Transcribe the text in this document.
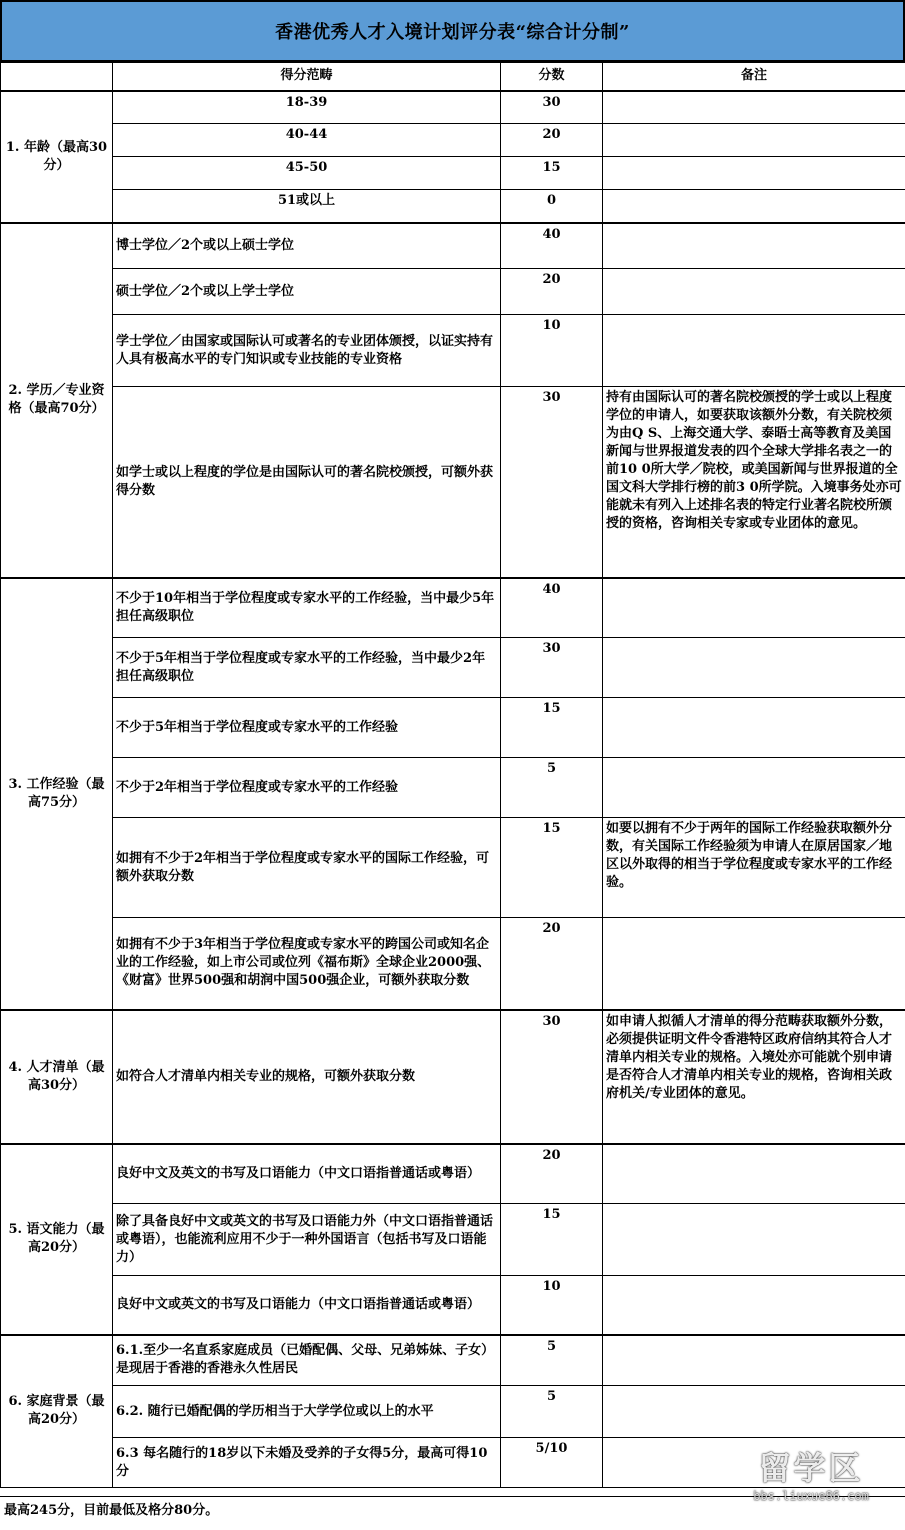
香港优秀人才入境计划评分表“综合计分制”
	得分范畴	分数	备注
1. 年龄（最高30分）	18-39	30	
	40-44	20	
	45-50	15	
	51或以上	0	
2. 学历／专业资格（最高70分）	博士学位／2个或以上硕士学位	40	
	硕士学位／2个或以上学士学位	20	
	学士学位／由国家或国际认可或著名的专业团体颁授，以证实持有人具有极高水平的专门知识或专业技能的专业资格	10	
	如学士或以上程度的学位是由国际认可的著名院校颁授，可额外获得分数	30	持有由国际认可的著名院校颁授的学士或以上程度学位的申请人，如要获取该额外分数，有关院校须为由Q S、上海交通大学、泰晤士高等教育及美国新闻与世界报道发表的四个全球大学排名表之一的前10 0所大学／院校，或美国新闻与世界报道的全国文科大学排行榜的前3 0所学院。入境事务处亦可能就未有列入上述排名表的特定行业著名院校所颁授的资格，咨询相关专家或专业团体的意见。
3. 工作经验（最高75分）	不少于10年相当于学位程度或专家水平的工作经验，当中最少5年担任高级职位	40	
	不少于5年相当于学位程度或专家水平的工作经验，当中最少2年担任高级职位	30	
	不少于5年相当于学位程度或专家水平的工作经验	15	
	不少于2年相当于学位程度或专家水平的工作经验	5	
	如拥有不少于2年相当于学位程度或专家水平的国际工作经验，可额外获取分数	15	如要以拥有不少于两年的国际工作经验获取额外分数，有关国际工作经验须为申请人在原居国家／地区以外取得的相当于学位程度或专家水平的工作经验。
	如拥有不少于3年相当于学位程度或专家水平的跨国公司或知名企业的工作经验，如上市公司或位列《福布斯》全球企业2000强、《财富》世界500强和胡润中国500强企业，可额外获取分数	20	
4. 人才清单（最高30分）	如符合人才清单内相关专业的规格，可额外获取分数	30	如申请人拟循人才清单的得分范畴获取额外分数，必须提供证明文件令香港特区政府信纳其符合人才清单内相关专业的规格。入境处亦可能就个别申请是否符合人才清单内相关专业的规格，咨询相关政府机关/专业团体的意见。
5. 语文能力（最高20分）	良好中文及英文的书写及口语能力（中文口语指普通话或粤语）	20	
	除了具备良好中文或英文的书写及口语能力外（中文口语指普通话或粤语），也能流利应用不少于一种外国语言（包括书写及口语能力）	15	
	良好中文或英文的书写及口语能力（中文口语指普通话或粤语）	10	
6. 家庭背景（最高20分）	6.1.至少一名直系家庭成员（已婚配偶、父母、兄弟姊妹、子女）是现居于香港的香港永久性居民	5	
	6.2. 随行已婚配偶的学历相当于大学学位或以上的水平	5	
	6.3 每名随行的18岁以下未婚及受养的子女得5分，最高可得10分	5/10	
最高245分，目前最低及格分80分。
留学区
bbs.liuxue86.com
